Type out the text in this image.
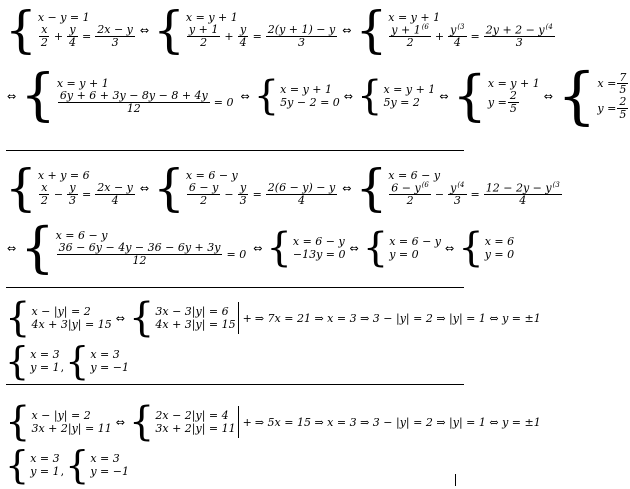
{ x − y = 1
$\frac{x}{2} + \frac{y}{4} = \frac{2x - y}{3}$ ⇔ { x = y + 1
$\frac{y + 1}{2} + \frac{y}{4} = \frac{2(y + 1) - y}{3}$ ⇔ { x = y + 1
$\frac{y + 1^{(6}}{2} + \frac{y^{(3}}{4} = \frac{2y + 2 - y^{(4}}{3}$
⇔ { x = y + 1
$\frac{6y + 6 + 3y - 8y - 8 + 4y}{12} = 0$ ⇔ { x = y + 1
5y − 2 = 0 ⇔ { x = y + 1
5y = 2	⇔ { x = y + 1
$y = \frac{2}{5}$ ⇔ { $x = \frac{7}{5}$
$y = \frac{2}{5}$
{ x + y = 6
$\frac{x}{2} - \frac{y}{3} = \frac{2x - y}{4}$ ⇔ { x = 6 − y
$\frac{6 - y}{2} - \frac{y}{3} = \frac{2(6 - y) - y}{4}$ ⇔ { x = 6 − y
$\frac{6 - y^{(6}}{2} - \frac{y^{(4}}{3} = \frac{12 - 2y - y^{(3}}{4}$
⇔ { x = 6 − y
$\frac{36 - 6y - 4y - 36 - 6y + 3y}{12} = 0$ ⇔ { x = 6 − y
−13y = 0 ⇔ { x = 6 − y
y = 0	⇔ { x = 6
y = 0
{ x − |y| = 2
4x + 3|y| = 15 ⇔ { 3x − 3|y| = 6
4x + 3|y| = 15 + ⇒ 7x = 21 ⇒ x = 3 ⇒ 3 − |y| = 2 ⇒ |y| = 1 ⇔ y = ±1
{ x = 3
y = 1 , { x = 3
y = −1
{ x − |y| = 2
3x + 2|y| = 11 ⇔ { 2x − 2|y| = 4
3x + 2|y| = 11 + ⇒ 5x = 15 ⇒ x = 3 ⇒ 3 − |y| = 2 ⇒ |y| = 1 ⇔ y = ±1
{ x = 3
y = 1 , { x = 3
y = −1
